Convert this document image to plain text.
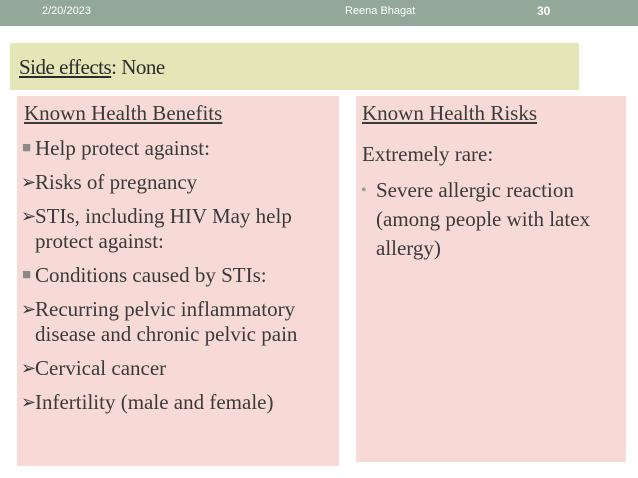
2/20/2023	Reena Bhagat	30
Side effects: None
Known Health Benefits
■ Help protect against:
➢
Risks of pregnancy
➢
STIs, including HIV May help protect against:
■ Conditions caused by STIs:
➢
Recurring pelvic inflammatory disease and chronic pelvic pain
➢
Cervical cancer
➢
Infertility (male and female)
Known Health Risks
Extremely rare:
• Severe allergic reaction (among people with latex allergy)
